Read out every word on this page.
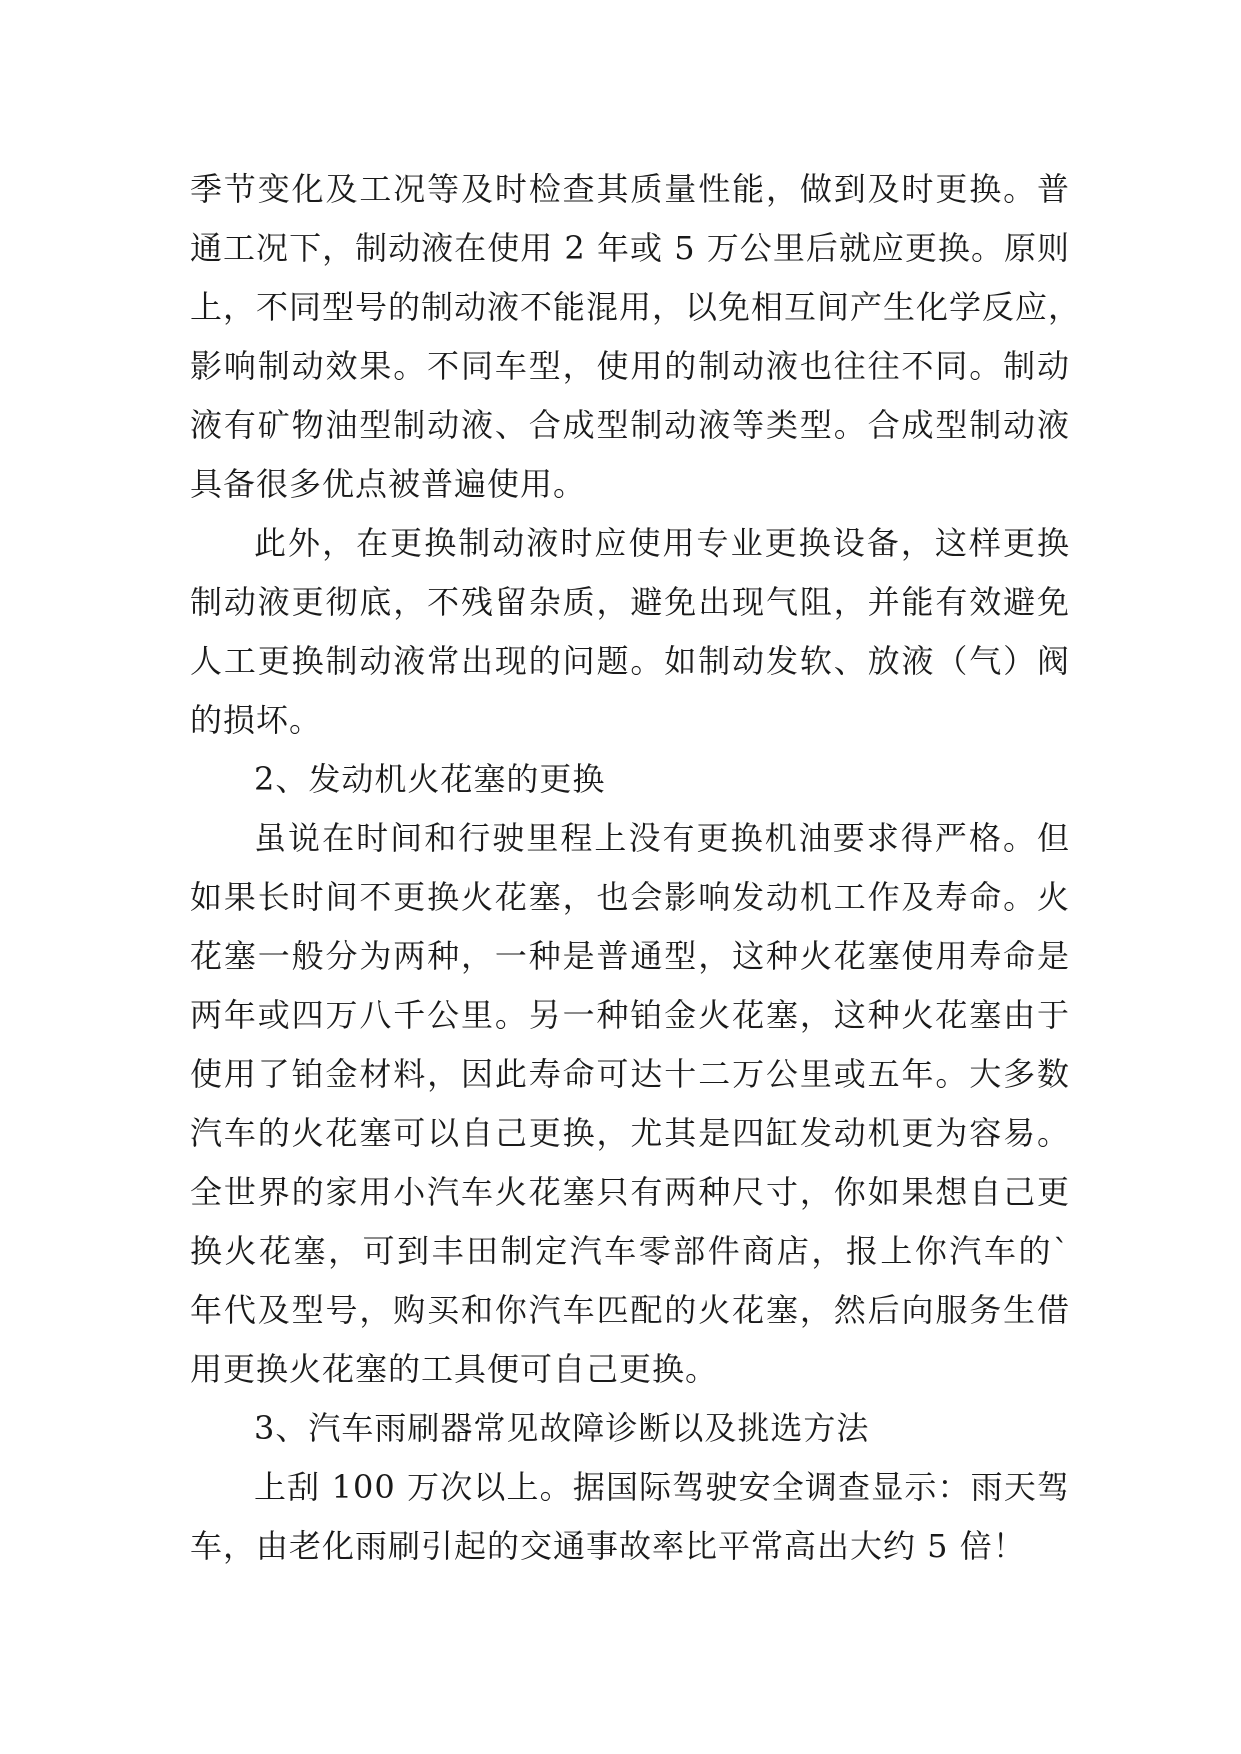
季节变化及工况等及时检查其质量性能，做到及时更换。普
通工况下，制动液在使用 2 年或 5 万公里后就应更换。原则
上，不同型号的制动液不能混用，以免相互间产生化学反应，
影响制动效果。不同车型，使用的制动液也往往不同。制动
液有矿物油型制动液、合成型制动液等类型。合成型制动液
具备很多优点被普遍使用。
此外，在更换制动液时应使用专业更换设备，这样更换
制动液更彻底，不残留杂质，避免出现气阻，并能有效避免
人工更换制动液常出现的问题。如制动发软、放液（气）阀
的损坏。
2、发动机火花塞的更换
虽说在时间和行驶里程上没有更换机油要求得严格。但
如果长时间不更换火花塞，也会影响发动机工作及寿命。火
花塞一般分为两种，一种是普通型，这种火花塞使用寿命是
两年或四万八千公里。另一种铂金火花塞，这种火花塞由于
使用了铂金材料，因此寿命可达十二万公里或五年。大多数
汽车的火花塞可以自己更换，尤其是四缸发动机更为容易。
全世界的家用小汽车火花塞只有两种尺寸，你如果想自己更
换火花塞，可到丰田制定汽车零部件商店，报上你汽车的`
年代及型号，购买和你汽车匹配的火花塞，然后向服务生借
用更换火花塞的工具便可自己更换。
3、汽车雨刷器常见故障诊断以及挑选方法
上刮 100 万次以上。据国际驾驶安全调查显示：雨天驾
车，由老化雨刷引起的交通事故率比平常高出大约 5 倍！
